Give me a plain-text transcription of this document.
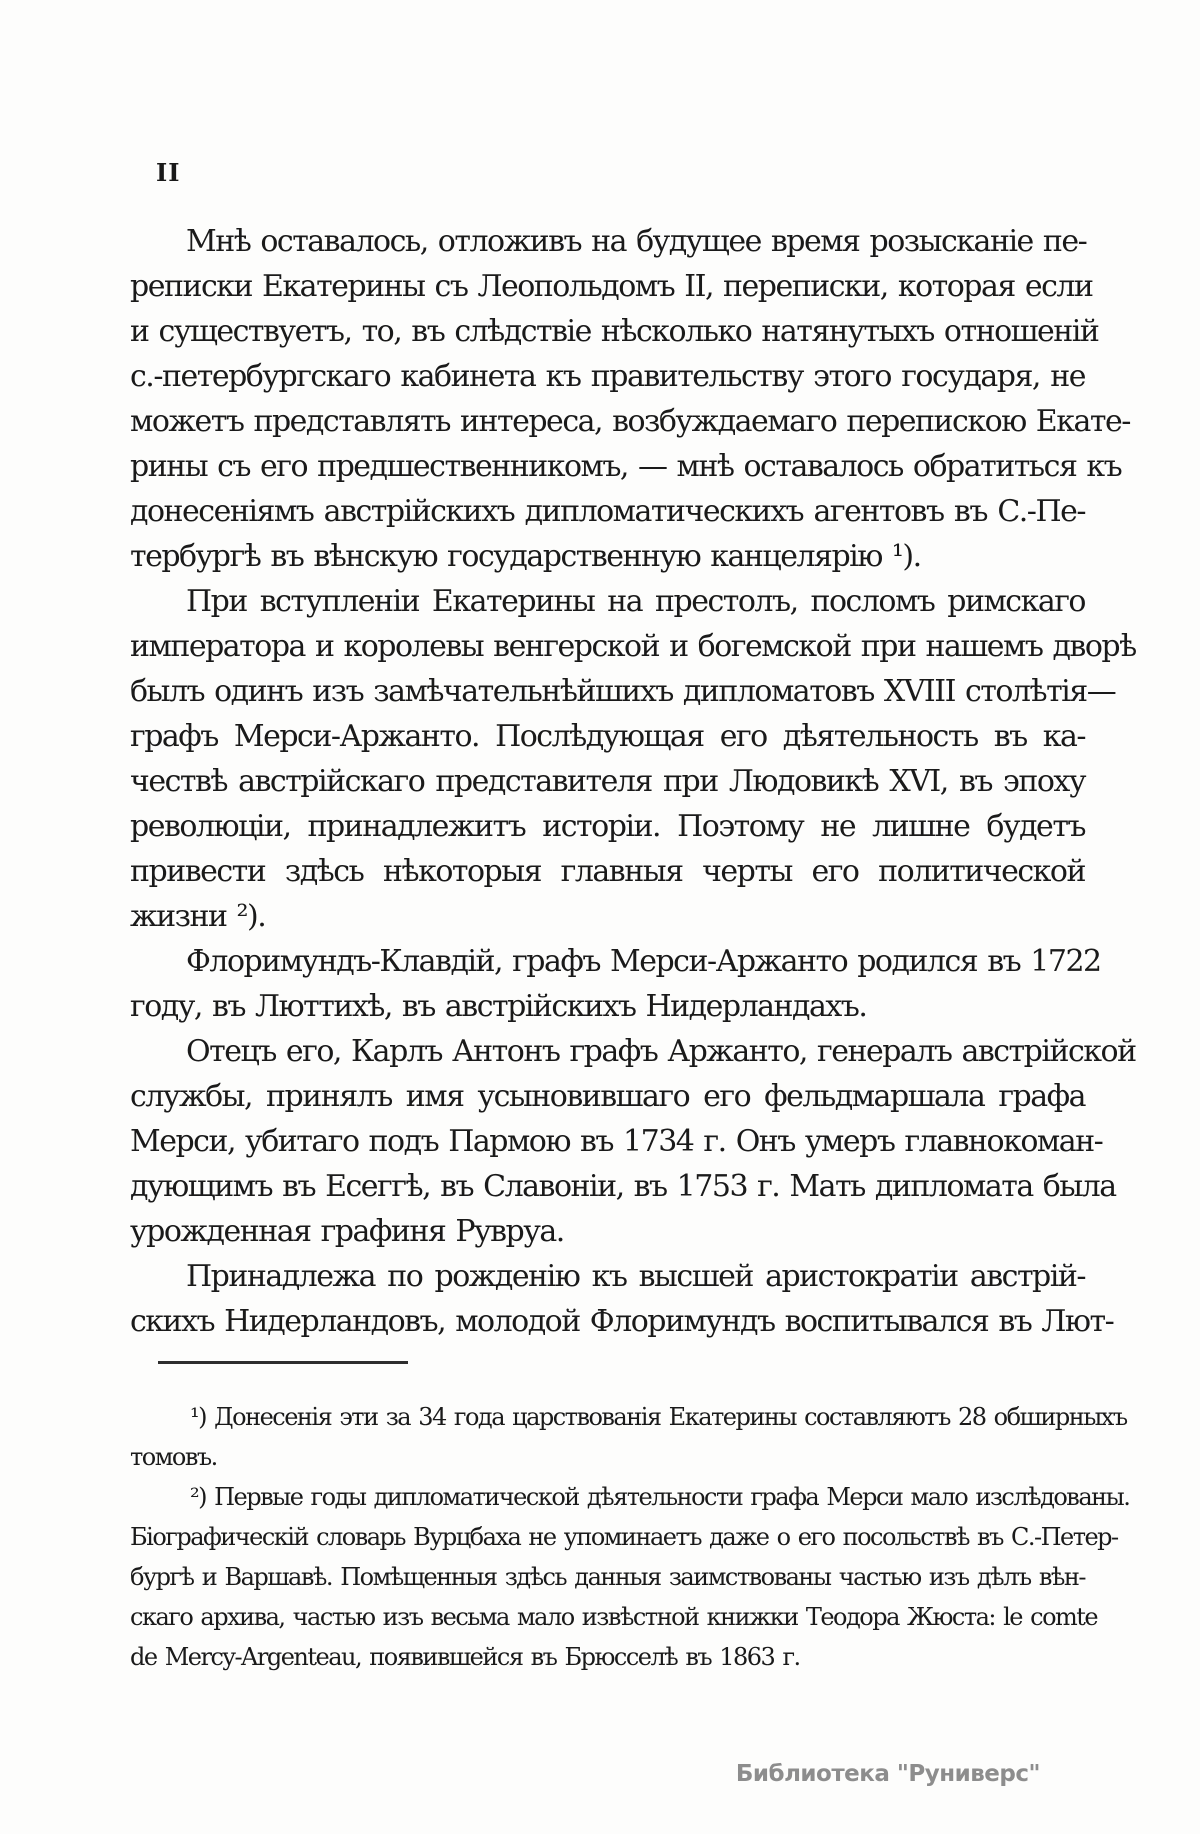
II
Мнѣ оставалось, отложивъ на будущее время розысканіе пе-
реписки Екатерины съ Леопольдомъ II, переписки, которая если
и существуетъ, то, въ слѣдствіе нѣсколько натянутыхъ отношеній
с.-петербургскаго кабинета къ правительству этого государя, не
можетъ представлять интереса, возбуждаемаго перепискою Екате-
рины съ его предшественникомъ, — мнѣ оставалось обратиться къ
донесеніямъ австрійскихъ дипломатическихъ агентовъ въ С.-Пе-
тербургѣ въ вѣнскую государственную канцелярію ¹).
При вступленіи Екатерины на престолъ, посломъ римскаго
императора и королевы венгерской и богемской при нашемъ дворѣ
былъ одинъ изъ замѣчательнѣйшихъ дипломатовъ XVIII столѣтія—
графъ Мерси-Аржанто. Послѣдующая его дѣятельность въ ка-
чествѣ австрійскаго представителя при Людовикѣ XVI, въ эпоху
революціи, принадлежитъ исторіи. Поэтому не лишне будетъ
привести здѣсь нѣкоторыя главныя черты его политической
жизни ²).
Флоримундъ-Клавдій, графъ Мерси-Аржанто родился въ 1722
году, въ Люттихѣ, въ австрійскихъ Нидерландахъ.
Отецъ его, Карлъ Антонъ графъ Аржанто, генералъ австрійской
службы, принялъ имя усыновившаго его фельдмаршала графа
Мерси, убитаго подъ Пармою въ 1734 г. Онъ умеръ главнокоман-
дующимъ въ Есеггѣ, въ Славоніи, въ 1753 г. Мать дипломата была
урожденная графиня Рувруа.
Принадлежа по рожденію къ высшей аристократіи австрій-
скихъ Нидерландовъ, молодой Флоримундъ воспитывался въ Лют-
¹) Донесенія эти за 34 года царствованія Екатерины составляютъ 28 обширныхъ
томовъ.
²) Первые годы дипломатической дѣятельности графа Мерси мало изслѣдованы.
Біографическій словарь Вурцбаха не упоминаетъ даже о его посольствѣ въ С.-Петер-
бургѣ и Варшавѣ. Помѣщенныя здѣсь данныя заимствованы частью изъ дѣлъ вѣн-
скаго архива, частью изъ весьма мало извѣстной книжки Теодора Жюста: le comte
de Mercy-Argenteau, появившейся въ Брюсселѣ въ 1863 г.
Библиотека "Руниверс"
